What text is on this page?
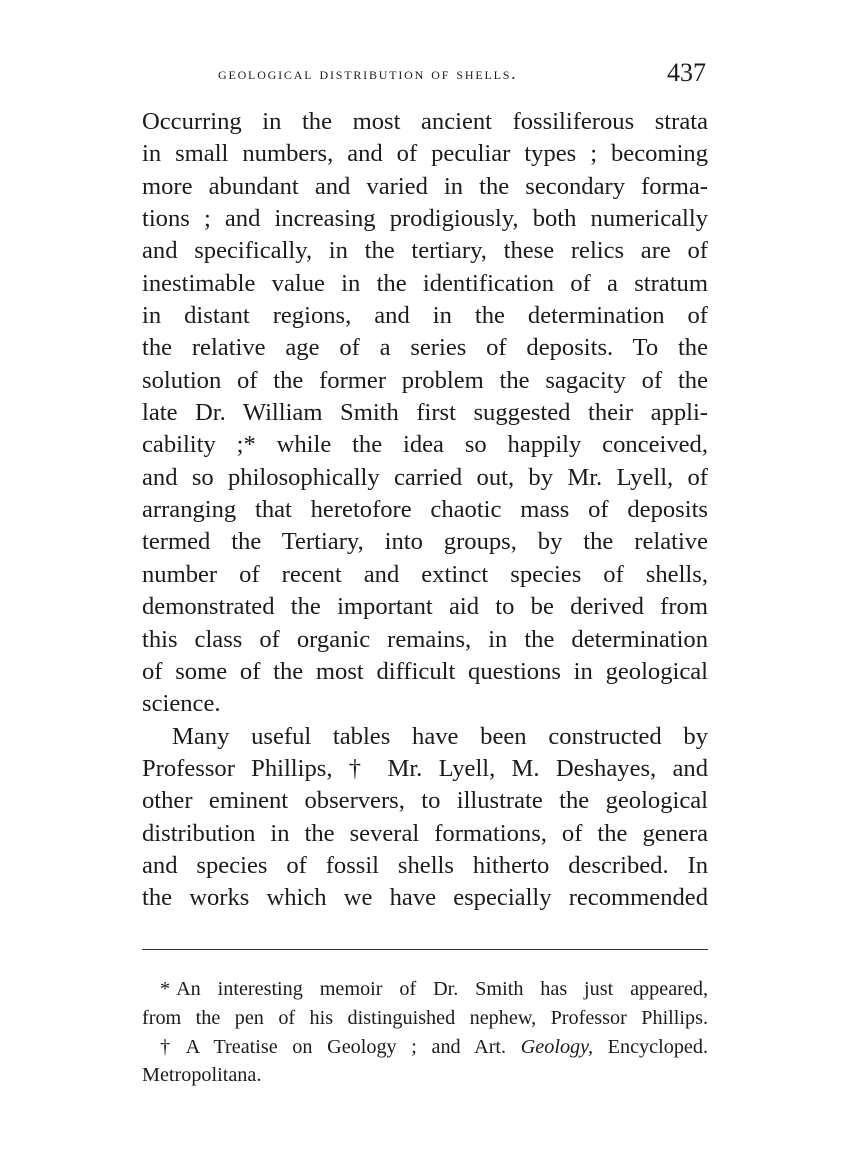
geological distribution of shells.	437
Occurring in the most ancient fossiliferous strata
in small numbers, and of peculiar types ; becoming
more abundant and varied in the secondary forma-
tions ; and increasing prodigiously, both numerically
and specifically, in the tertiary, these relics are of
inestimable value in the identification of a stratum
in distant regions, and in the determination of
the relative age of a series of deposits. To the
solution of the former problem the sagacity of the
late Dr. William Smith first suggested their appli-
cability ;* while the idea so happily conceived,
and so philosophically carried out, by Mr. Lyell, of
arranging that heretofore chaotic mass of deposits
termed the Tertiary, into groups, by the relative
number of recent and extinct species of shells,
demonstrated the important aid to be derived from
this class of organic remains, in the determination
of some of the most difficult questions in geological
science.
Many useful tables have been constructed by
Professor Phillips, † Mr. Lyell, M. Deshayes, and
other eminent observers, to illustrate the geological
distribution in the several formations, of the genera
and species of fossil shells hitherto described. In
the works which we have especially recommended
* An interesting memoir of Dr. Smith has just appeared,
from the pen of his distinguished nephew, Professor Phillips.
† A Treatise on Geology ; and Art. Geology, Encycloped.
Metropolitana.
